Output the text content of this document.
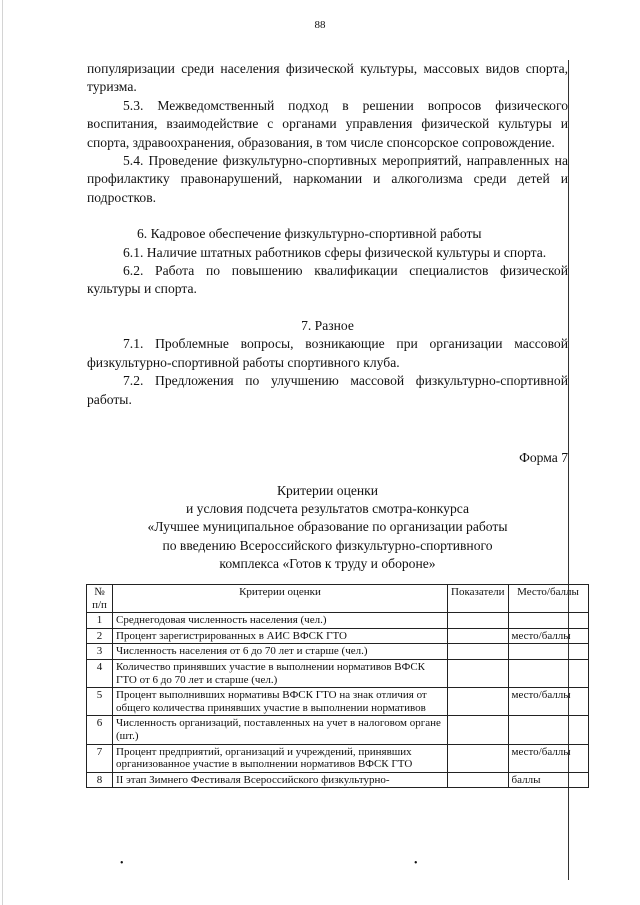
88

популяризации среди населения физической культуры, массовых видов спорта, туризма.

5.3. Межведомственный подход в решении вопросов физического воспитания, взаимодействие с органами управления физической культуры и спорта, здравоохранения, образования, в том числе спонсорское сопровождение.

5.4. Проведение физкультурно-спортивных мероприятий, направленных на профилактику правонарушений, наркомании и алкоголизма среди детей и подростков.

6. Кадровое обеспечение физкультурно-спортивной работы

6.1. Наличие штатных работников сферы физической культуры и спорта.

6.2. Работа по повышению квалификации специалистов физической культуры и спорта.

7. Разное

7.1. Проблемные вопросы, возникающие при организации массовой физкультурно-спортивной работы спортивного клуба.

7.2. Предложения по улучшению массовой физкультурно-спортивной работы.

Форма 7
Критерии оценки
и условия подсчета результатов смотра-конкурса
«Лучшее муниципальное образование по организации работы
по введению Всероссийского физкультурно-спортивного
комплекса «Готов к труду и обороне»
№ п/п	Критерии оценки	Показатели	Место/баллы
1	Среднегодовая численность населения (чел.)		
2	Процент зарегистрированных в АИС ВФСК ГТО		место/баллы
3	Численность населения от 6 до 70 лет и старше (чел.)		
4	Количество принявших участие в выполнении нормативов ВФСК ГТО от 6 до 70 лет и старше (чел.)		
5	Процент выполнивших нормативы ВФСК ГТО на знак отличия от общего количества принявших участие в выполнении нормативов		место/баллы
6	Численность организаций, поставленных на учет в налоговом органе (шт.)		
7	Процент предприятий, организаций и учреждений, принявших организованное участие в выполнении нормативов ВФСК ГТО		место/баллы
8	II этап Зимнего Фестиваля Всероссийского физкультурно-		баллы
•	•
